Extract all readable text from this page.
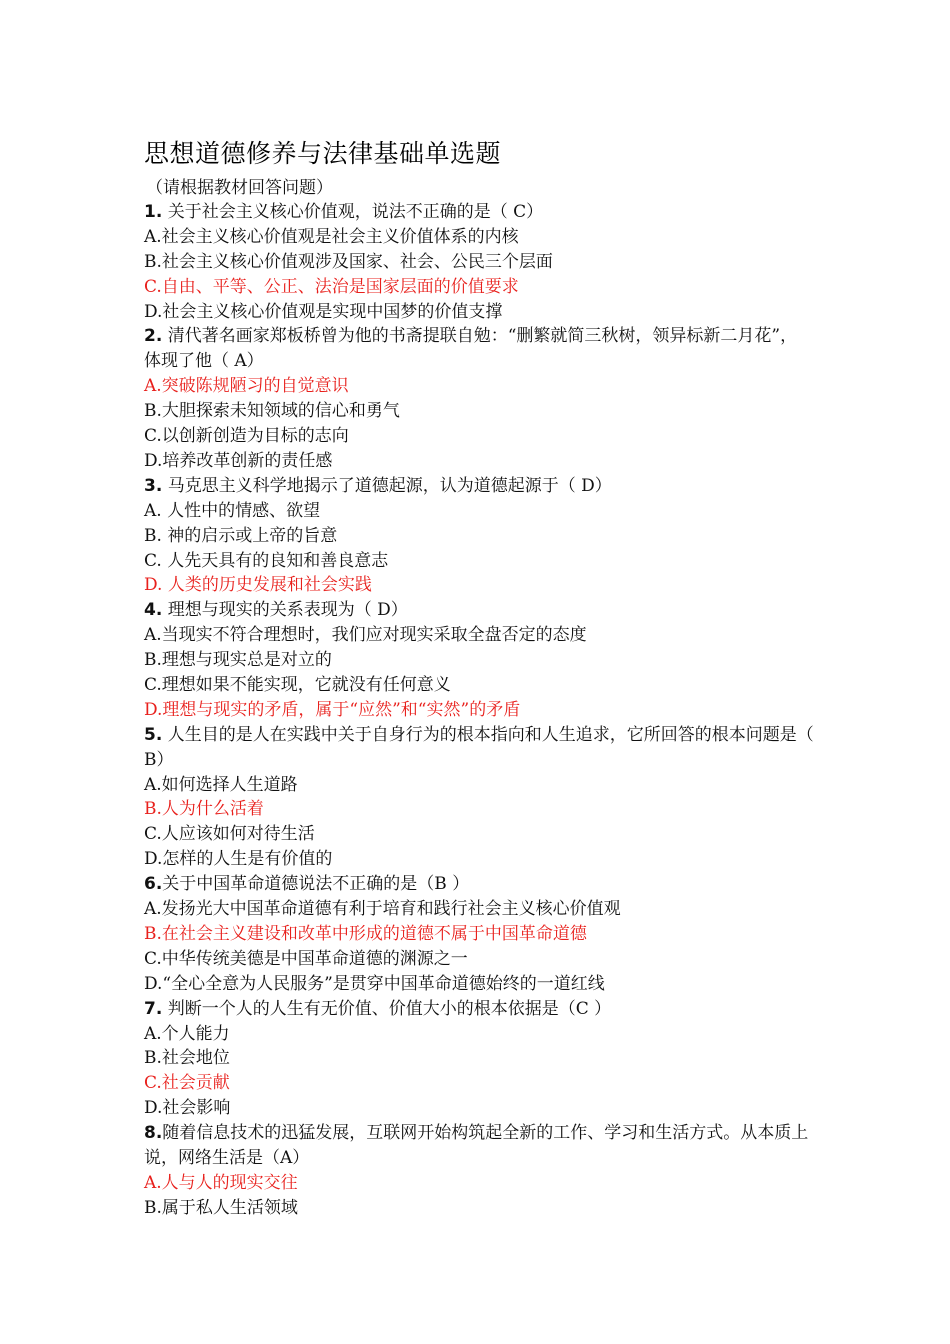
思想道德修养与法律基础单选题
（请根据教材回答问题）
1. 关于社会主义核心价值观，说法不正确的是（ C）
A.社会主义核心价值观是社会主义价值体系的内核
B.社会主义核心价值观涉及国家、社会、公民三个层面
C.自由、平等、公正、法治是国家层面的价值要求
D.社会主义核心价值观是实现中国梦的价值支撑
2. 清代著名画家郑板桥曾为他的书斋提联自勉：“删繁就简三秋树，领异标新二月花”，体现了他（ A）
A.突破陈规陋习的自觉意识
B.大胆探索未知领域的信心和勇气
C.以创新创造为目标的志向
D.培养改革创新的责任感
3. 马克思主义科学地揭示了道德起源，认为道德起源于（ D）
A. 人性中的情感、欲望
B. 神的启示或上帝的旨意
C. 人先天具有的良知和善良意志
D. 人类的历史发展和社会实践
4. 理想与现实的关系表现为（ D）
A.当现实不符合理想时，我们应对现实采取全盘否定的态度
B.理想与现实总是对立的
C.理想如果不能实现，它就没有任何意义
D.理想与现实的矛盾，属于“应然”和“实然”的矛盾
5. 人生目的是人在实践中关于自身行为的根本指向和人生追求，它所回答的根本问题是（ B）
A.如何选择人生道路
B.人为什么活着
C.人应该如何对待生活
D.怎样的人生是有价值的
6.关于中国革命道德说法不正确的是（B ）
A.发扬光大中国革命道德有利于培育和践行社会主义核心价值观
B.在社会主义建设和改革中形成的道德不属于中国革命道德
C.中华传统美德是中国革命道德的渊源之一
D.“全心全意为人民服务”是贯穿中国革命道德始终的一道红线
7. 判断一个人的人生有无价值、价值大小的根本依据是（C ）
A.个人能力
B.社会地位
C.社会贡献
D.社会影响
8.随着信息技术的迅猛发展，互联网开始构筑起全新的工作、学习和生活方式。从本质上说，网络生活是（A）
A.人与人的现实交往
B.属于私人生活领域
